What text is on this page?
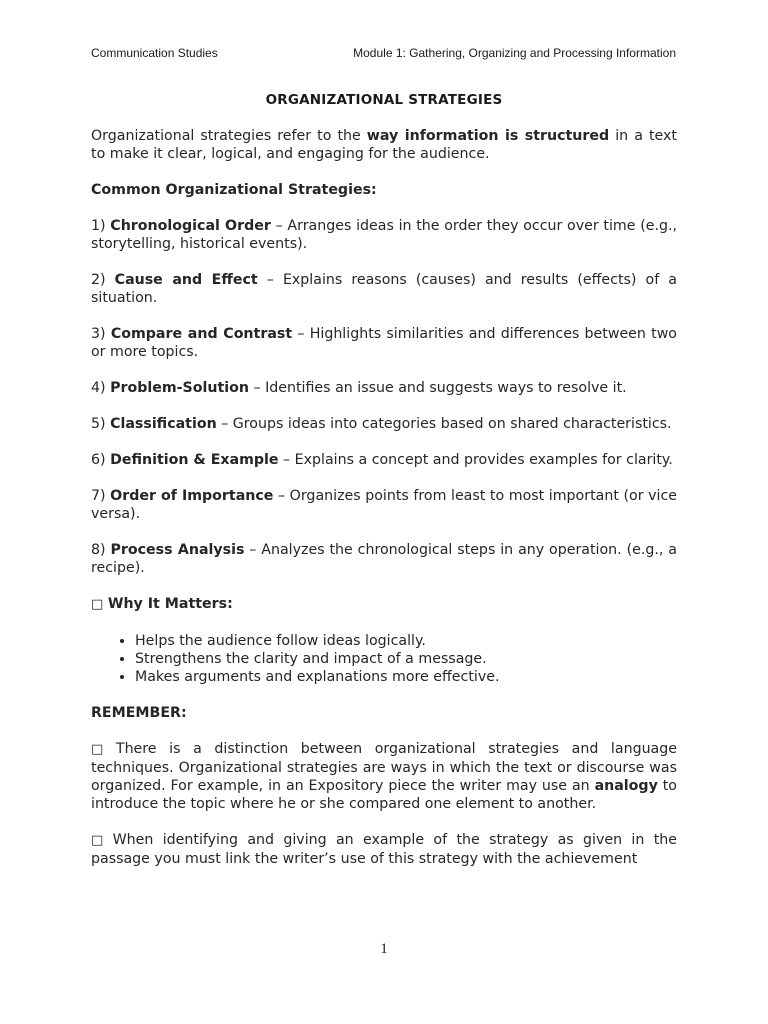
Communication Studies	Module 1: Gathering, Organizing and Processing Information
ORGANIZATIONAL STRATEGIES

Organizational strategies refer to the way information is structured in a text to make it clear, logical, and engaging for the audience.

Common Organizational Strategies:

1) Chronological Order – Arranges ideas in the order they occur over time (e.g., storytelling, historical events).

2) Cause and Effect – Explains reasons (causes) and results (effects) of a situation.

3) Compare and Contrast – Highlights similarities and differences between two or more topics.

4) Problem-Solution – Identifies an issue and suggests ways to resolve it.

5) Classification – Groups ideas into categories based on shared characteristics.

6) Definition & Example – Explains a concept and provides examples for clarity.

7) Order of Importance – Organizes points from least to most important (or vice versa).

8) Process Analysis – Analyzes the chronological steps in any operation. (e.g., a recipe).

□ Why It Matters:

• Helps the audience follow ideas logically.
• Strengthens the clarity and impact of a message.
• Makes arguments and explanations more effective.

REMEMBER:

□ There is a distinction between organizational strategies and language techniques. Organizational strategies are ways in which the text or discourse was organized. For example, in an Expository piece the writer may use an analogy to introduce the topic where he or she compared one element to another.

□ When identifying and giving an example of the strategy as given in the passage you must link the writer’s use of this strategy with the achievement

1
